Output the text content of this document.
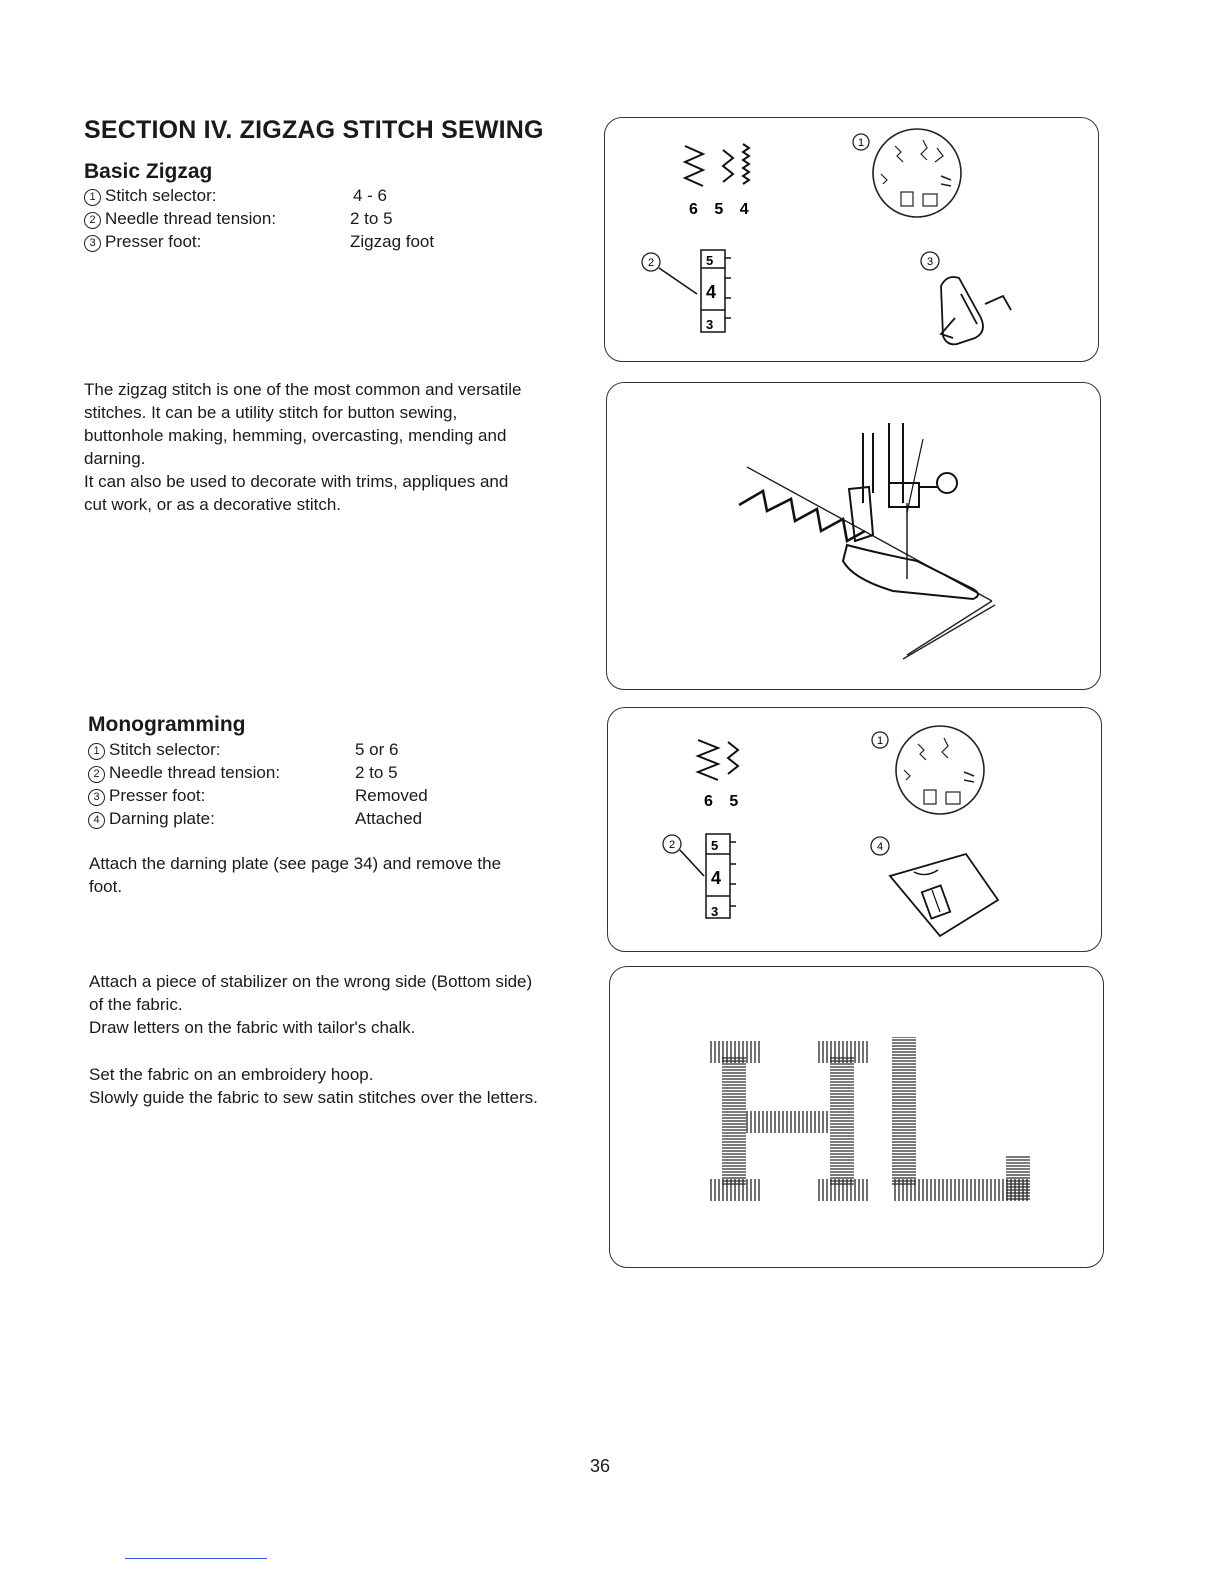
SECTION IV. ZIGZAG STITCH SEWING
Basic Zigzag
1 Stitch selector:	4 - 6
2 Needle thread tension:	2 to 5
3 Presser foot:	Zigzag foot

The zigzag stitch is one of the most common and versatile

stitches. It can be a utility stitch for button sewing,

buttonhole making, hemming, overcasting, mending and

darning.

It can also be used to decorate with trims, appliques and

cut work, or as a decorative stitch.

Monogramming
1 Stitch selector:	5 or 6
2 Needle thread tension:	2 to 5
3 Presser foot:	Removed
4 Darning plate:	Attached

Attach the darning plate (see page 34) and remove the

foot.

Attach a piece of stabilizer on the wrong side (Bottom side)

of the fabric.

Draw letters on the fabric with tailor's chalk.

Set the fabric on an embroidery hoop.

Slowly guide the fabric to sew satin stitches over the letters.

6 5 4
1
2	5
4
3
3
6 5
1
2	5
4
3
4
36
